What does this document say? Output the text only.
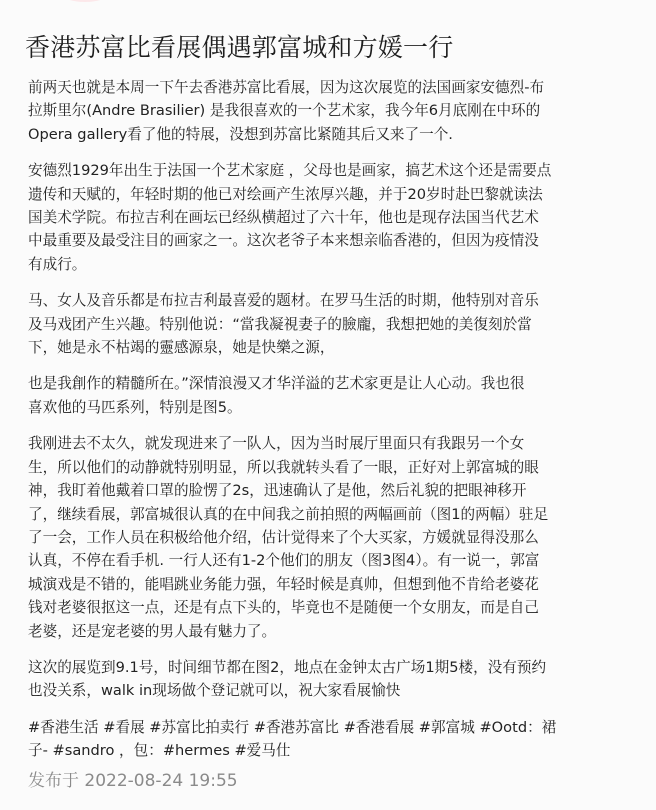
香港苏富比看展偶遇郭富城和方媛一行

前两天也就是本周一下午去香港苏富比看展，因为这次展览的法国画家安德烈-布
拉斯里尔(Andre Brasilier) 是我很喜欢的一个艺术家，我今年6月底刚在中环的
Opera gallery看了他的特展，没想到苏富比紧随其后又来了一个.

安德烈1929年出生于法国一个艺术家庭 ，父母也是画家，搞艺术这个还是需要点
遗传和天赋的，年轻时期的他已对绘画产生浓厚兴趣，并于20岁时赴巴黎就读法
国美术学院。布拉吉利在画坛已经纵横超过了六十年，他也是现存法国当代艺术
中最重要及最受注目的画家之一。这次老爷子本来想亲临香港的，但因为疫情没
有成行。

马、女人及音乐都是布拉吉利最喜爱的题材。在罗马生活的时期，他特别对音乐
及马戏团产生兴趣。特别他说：“當我凝視妻子的臉龐，我想把她的美復刻於當
下，她是永不枯竭的靈感源泉，她是快樂之源，

也是我創作的精髓所在。”深情浪漫又才华洋溢的艺术家更是让人心动。我也很
喜欢他的马匹系列，特别是图5。

我刚进去不太久，就发现进来了一队人，因为当时展厅里面只有我跟另一个女
生，所以他们的动静就特别明显，所以我就转头看了一眼，正好对上郭富城的眼
神，我盯着他戴着口罩的脸愣了2s，迅速确认了是他，然后礼貌的把眼神移开
了，继续看展，郭富城很认真的在中间我之前拍照的两幅画前（图1的两幅）驻足
了一会，工作人员在积极给他介绍，估计觉得来了个大买家，方媛就显得没那么
认真，不停在看手机. 一行人还有1-2个他们的朋友（图3图4）。有一说一，郭富
城演戏是不错的，能唱跳业务能力强，年轻时候是真帅，但想到他不肯给老婆花
钱对老婆很抠这一点，还是有点下头的，毕竟也不是随便一个女朋友，而是自己
老婆，还是宠老婆的男人最有魅力了。

这次的展览到9.1号，时间细节都在图2，地点在金钟太古广场1期5楼，没有预约
也没关系，walk in现场做个登记就可以，祝大家看展愉快

#香港生活 #看展 #苏富比拍卖行 #香港苏富比 #香港看展 #郭富城 #Ootd：裙
子- #sandro ，包：#hermes #爱马仕

发布于 2022-08-24 19:55
